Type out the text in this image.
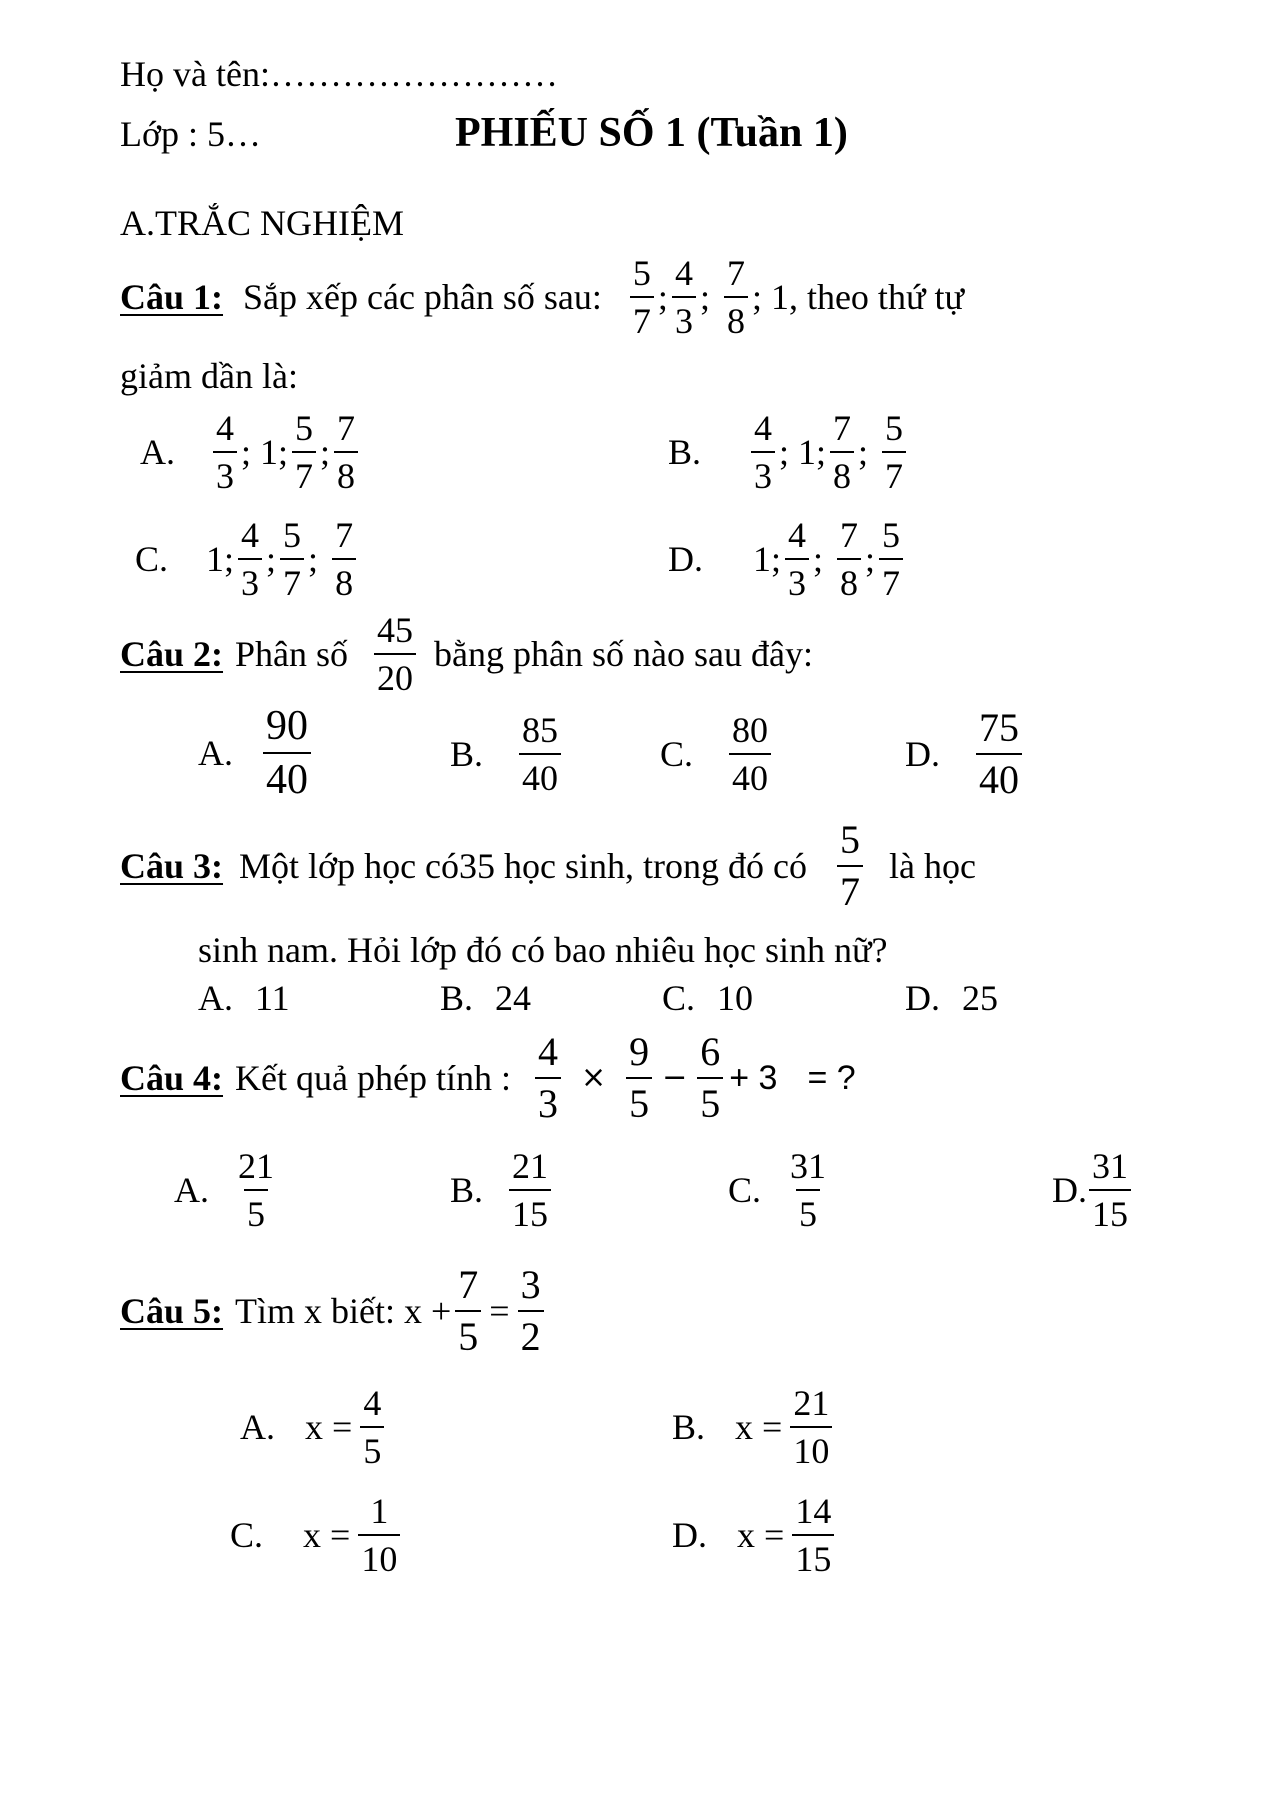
Họ và tên:……………………
Lớp : 5…	PHIẾU SỐ 1 (Tuần 1)
A.TRẮC NGHIỆM
Câu 1: Sắp xếp các phân số sau: $\frac{5}{7}$ ; $\frac{4}{3}$ ; $\frac{7}{8}$ ; 1, theo thứ tự
giảm dần là:
A. $\frac{4}{3}$ ; 1; $\frac{5}{7}$ ; $\frac{7}{8}$	B. $\frac{4}{3}$ ; 1; $\frac{7}{8}$ ; $\frac{5}{7}$
C. 1; $\frac{4}{3}$ ; $\frac{5}{7}$ ; $\frac{7}{8}$	D. 1; $\frac{4}{3}$ ; $\frac{7}{8}$ ; $\frac{5}{7}$
Câu 2: Phân số $\frac{45}{20}$ bằng phân số nào sau đây:
A. $\frac{90}{40}$	B. $\frac{85}{40}$	C. $\frac{80}{40}$	D. $\frac{75}{40}$
Câu 3: Một lớp học có35 học sinh, trong đó có $\frac{5}{7}$ là học
sinh nam. Hỏi lớp đó có bao nhiêu học sinh nữ?
A. 11	B. 24	C. 10	D. 25
Câu 4: Kết quả phép tính : $\frac{4}{3} \times \frac{9}{5} - \frac{6}{5} + 3$ = ?
A. $\frac{21}{5}$	B. $\frac{21}{15}$	C. $\frac{31}{5}$	D. $\frac{31}{15}$
Câu 5: Tìm x biết: $x + \frac{7}{5} = \frac{3}{2}$
A. $x = \frac{4}{5}$	B. $x = \frac{21}{10}$
C. $x = \frac{1}{10}$	D. $x = \frac{14}{15}$
